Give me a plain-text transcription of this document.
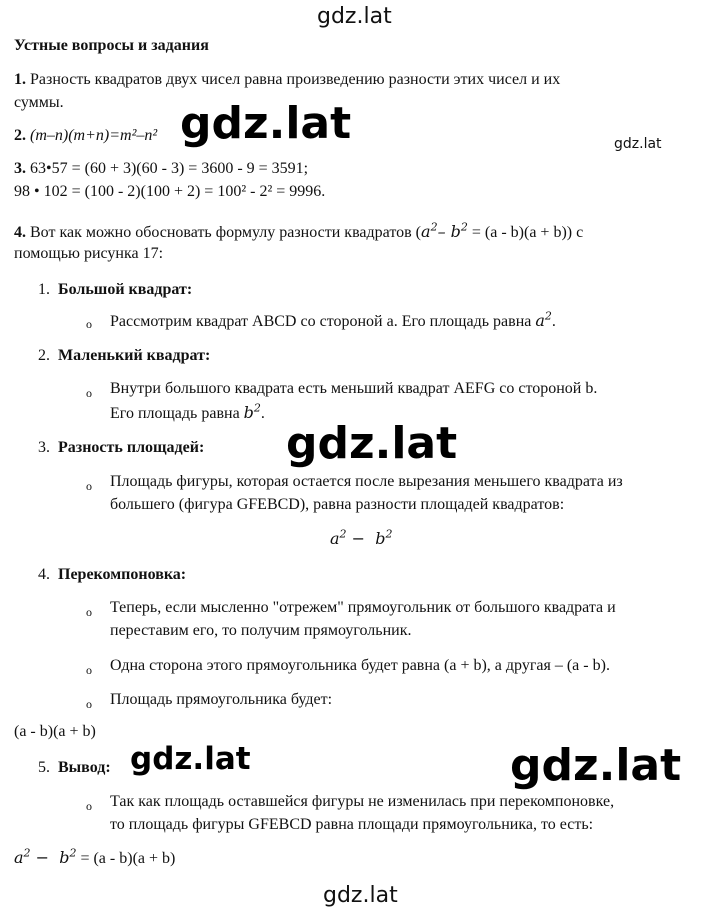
gdz.lat
Устные вопросы и задания
1. Разность квадратов двух чисел равна произведению разности этих чисел и их
суммы.
2. (m–n)(m+n)=m²–n² gdz.lat	gdz.lat
3. 63•57 = (60 + 3)(60 - 3) = 3600 - 9 = 3591;
98 • 102 = (100 - 2)(100 + 2) = 100² - 2² = 9996.
4. Вот как можно обосновать формулу разности квадратов ($a^2-$ $b^2 = (a - b)(a + b)$) с
помощью рисунка 17:
1. Большой квадрат:
o Рассмотрим квадрат ABCD со стороной a. Его площадь равна $a^2$.
2. Маленький квадрат:
o Внутри большого квадрата есть меньший квадрат AEFG со стороной b.
Его площадь равна $b^2$.
3. Разность площадей: gdz.lat
o Площадь фигуры, которая остается после вырезания меньшего квадрата из
большего (фигура GFEBCD), равна разности площадей квадратов:
$a^2 - b^2$
4. Перекомпоновка:
o Теперь, если мысленно "отрежем" прямоугольник от большого квадрата и
переставим его, то получим прямоугольник.
o Одна сторона этого прямоугольника будет равна (a + b), а другая – (a - b).
o Площадь прямоугольника будет:
(a - b)(a + b)
5. Вывод: gdz.lat	gdz.lat
o Так как площадь оставшейся фигуры не изменилась при перекомпоновке,
то площадь фигуры GFEBCD равна площади прямоугольника, то есть:
$a^2 - b^2 = (a - b)(a + b)$
gdz.lat
